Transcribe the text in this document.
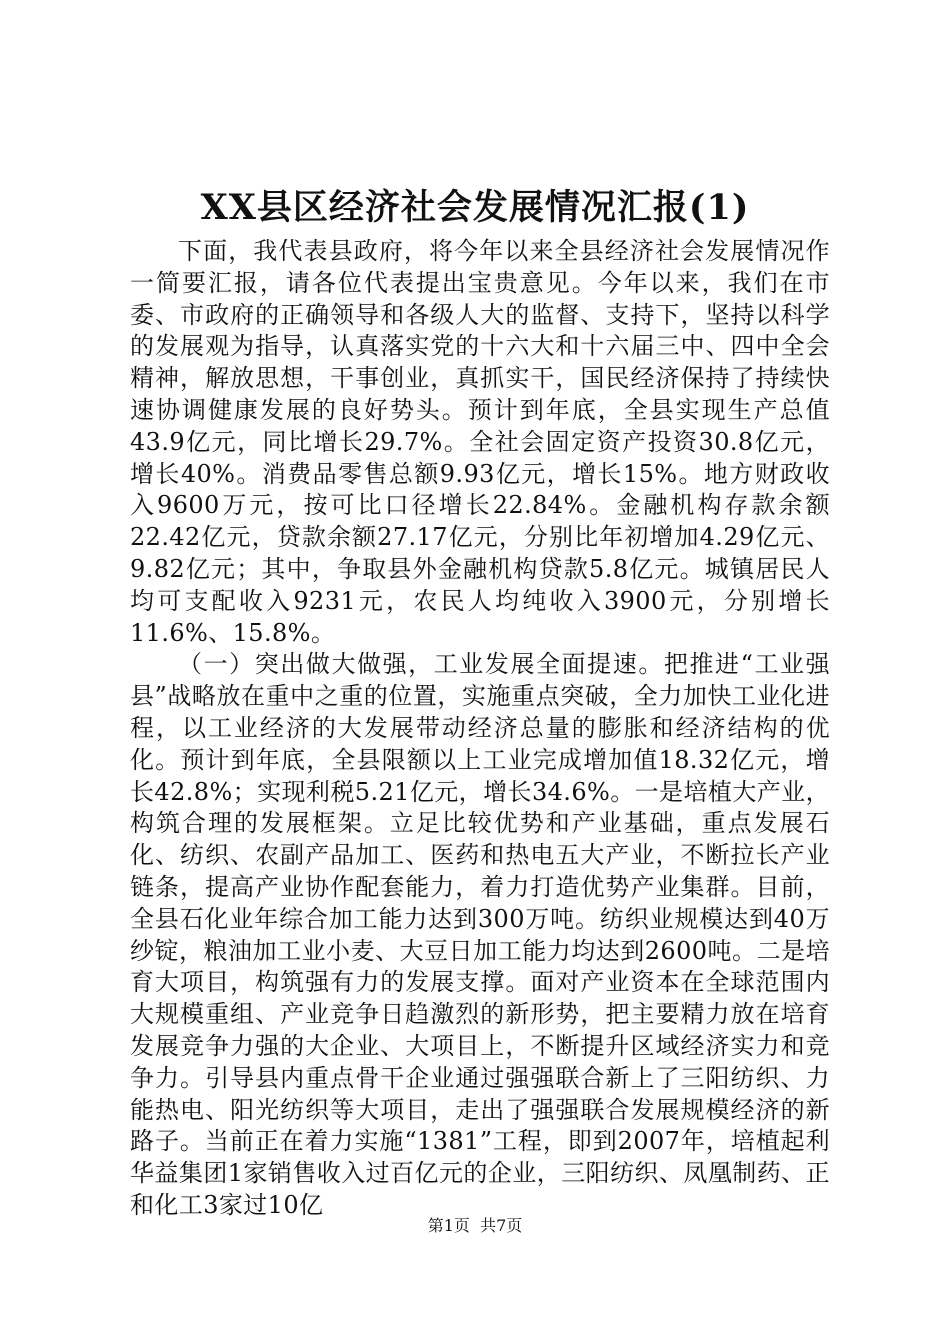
XX县区经济社会发展情况汇报(1)

下面，我代表县政府，将今年以来全县经济社会发展情况作一简要汇报，请各位代表提出宝贵意见。今年以来，我们在市委、市政府的正确领导和各级人大的监督、支持下，坚持以科学的发展观为指导，认真落实党的十六大和十六届三中、四中全会精神，解放思想，干事创业，真抓实干，国民经济保持了持续快速协调健康发展的良好势头。预计到年底，全县实现生产总值43.9亿元，同比增长29.7%。全社会固定资产投资30.8亿元，增长40%。消费品零售总额9.93亿元，增长15%。地方财政收入9600万元，按可比口径增长22.84%。金融机构存款余额22.42亿元，贷款余额27.17亿元，分别比年初增加4.29亿元、9.82亿元；其中，争取县外金融机构贷款5.8亿元。城镇居民人均可支配收入9231元，农民人均纯收入3900元，分别增长11.6%、15.8%。

（一）突出做大做强，工业发展全面提速。把推进“工业强县”战略放在重中之重的位置，实施重点突破，全力加快工业化进程，以工业经济的大发展带动经济总量的膨胀和经济结构的优化。预计到年底，全县限额以上工业完成增加值18.32亿元，增长42.8%；实现利税5.21亿元，增长34.6%。一是培植大产业，构筑合理的发展框架。立足比较优势和产业基础，重点发展石化、纺织、农副产品加工、医药和热电五大产业，不断拉长产业链条，提高产业协作配套能力，着力打造优势产业集群。目前，全县石化业年综合加工能力达到300万吨。纺织业规模达到40万纱锭，粮油加工业小麦、大豆日加工能力均达到2600吨。二是培育大项目，构筑强有力的发展支撑。面对产业资本在全球范围内大规模重组、产业竞争日趋激烈的新形势，把主要精力放在培育发展竞争力强的大企业、大项目上，不断提升区域经济实力和竞争力。引导县内重点骨干企业通过强强联合新上了三阳纺织、力能热电、阳光纺织等大项目，走出了强强联合发展规模经济的新路子。当前正在着力实施“1381”工程，即到2007年，培植起利华益集团1家销售收入过百亿元的企业，三阳纺织、凤凰制药、正和化工3家过10亿

第1页 共7页
